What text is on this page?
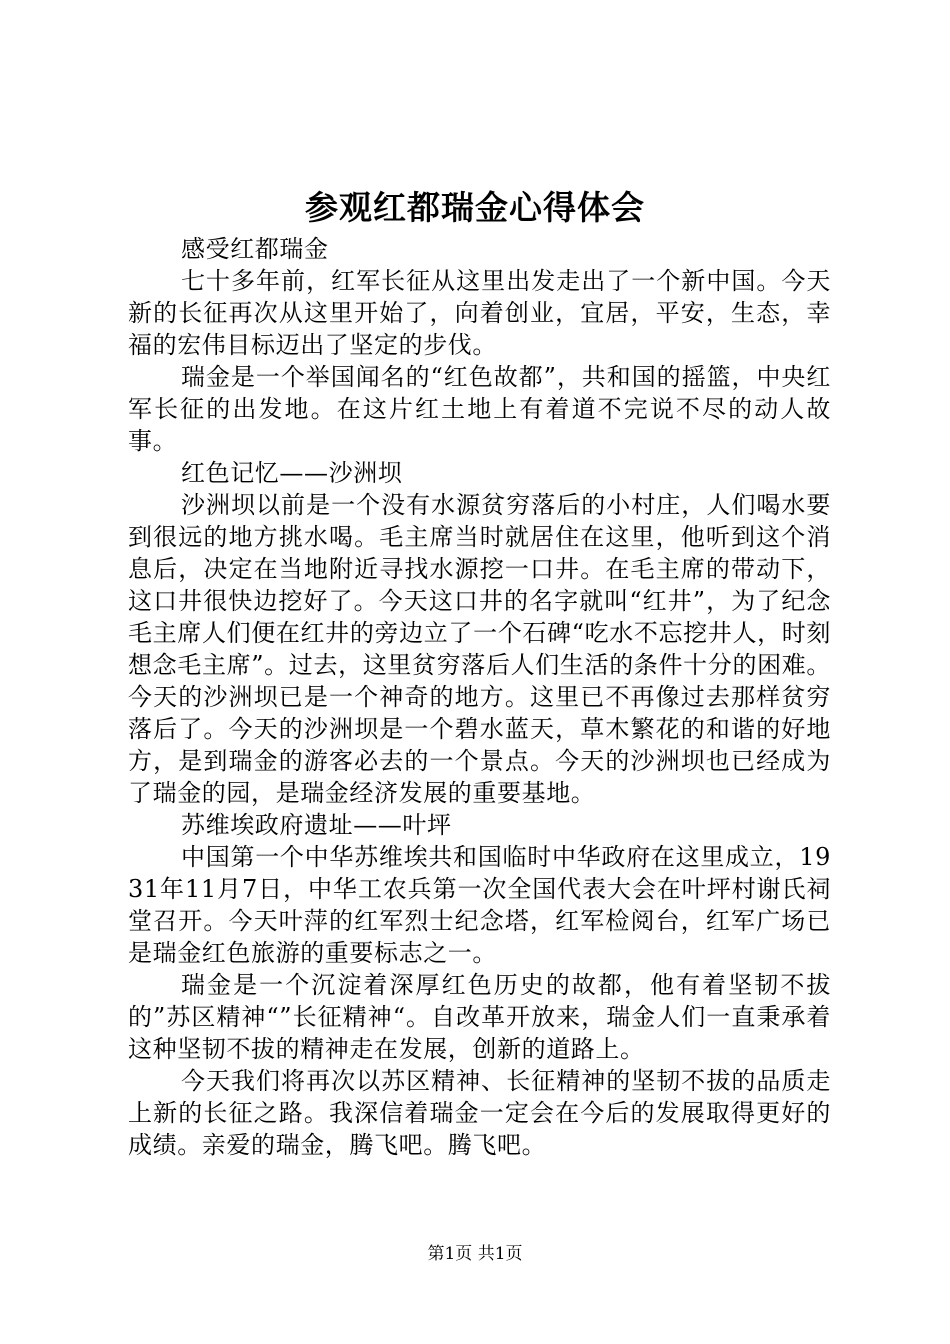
参观红都瑞金心得体会

感受红都瑞金

七十多年前，红军长征从这里出发走出了一个新中国。今天新的长征再次从这里开始了，向着创业，宜居，平安，生态，幸福的宏伟目标迈出了坚定的步伐。

瑞金是一个举国闻名的“红色故都”，共和国的摇篮，中央红军长征的出发地。在这片红土地上有着道不完说不尽的动人故事。

红色记忆——沙洲坝

沙洲坝以前是一个没有水源贫穷落后的小村庄，人们喝水要到很远的地方挑水喝。毛主席当时就居住在这里，他听到这个消息后，决定在当地附近寻找水源挖一口井。在毛主席的带动下，这口井很快边挖好了。今天这口井的名字就叫“红井”，为了纪念毛主席人们便在红井的旁边立了一个石碑“吃水不忘挖井人，时刻想念毛主席”。过去，这里贫穷落后人们生活的条件十分的困难。今天的沙洲坝已是一个神奇的地方。这里已不再像过去那样贫穷落后了。今天的沙洲坝是一个碧水蓝天，草木繁花的和谐的好地方，是到瑞金的游客必去的一个景点。今天的沙洲坝也已经成为了瑞金的园，是瑞金经济发展的重要基地。

苏维埃政府遗址——叶坪

中国第一个中华苏维埃共和国临时中华政府在这里成立，1931年11月7日，中华工农兵第一次全国代表大会在叶坪村谢氏祠堂召开。今天叶萍的红军烈士纪念塔，红军检阅台，红军广场已是瑞金红色旅游的重要标志之一。

瑞金是一个沉淀着深厚红色历史的故都，他有着坚韧不拔的”苏区精神“”长征精神“。自改革开放来，瑞金人们一直秉承着这种坚韧不拔的精神走在发展，创新的道路上。

今天我们将再次以苏区精神、长征精神的坚韧不拔的品质走上新的长征之路。我深信着瑞金一定会在今后的发展取得更好的成绩。亲爱的瑞金，腾飞吧。腾飞吧。

第1页 共1页
